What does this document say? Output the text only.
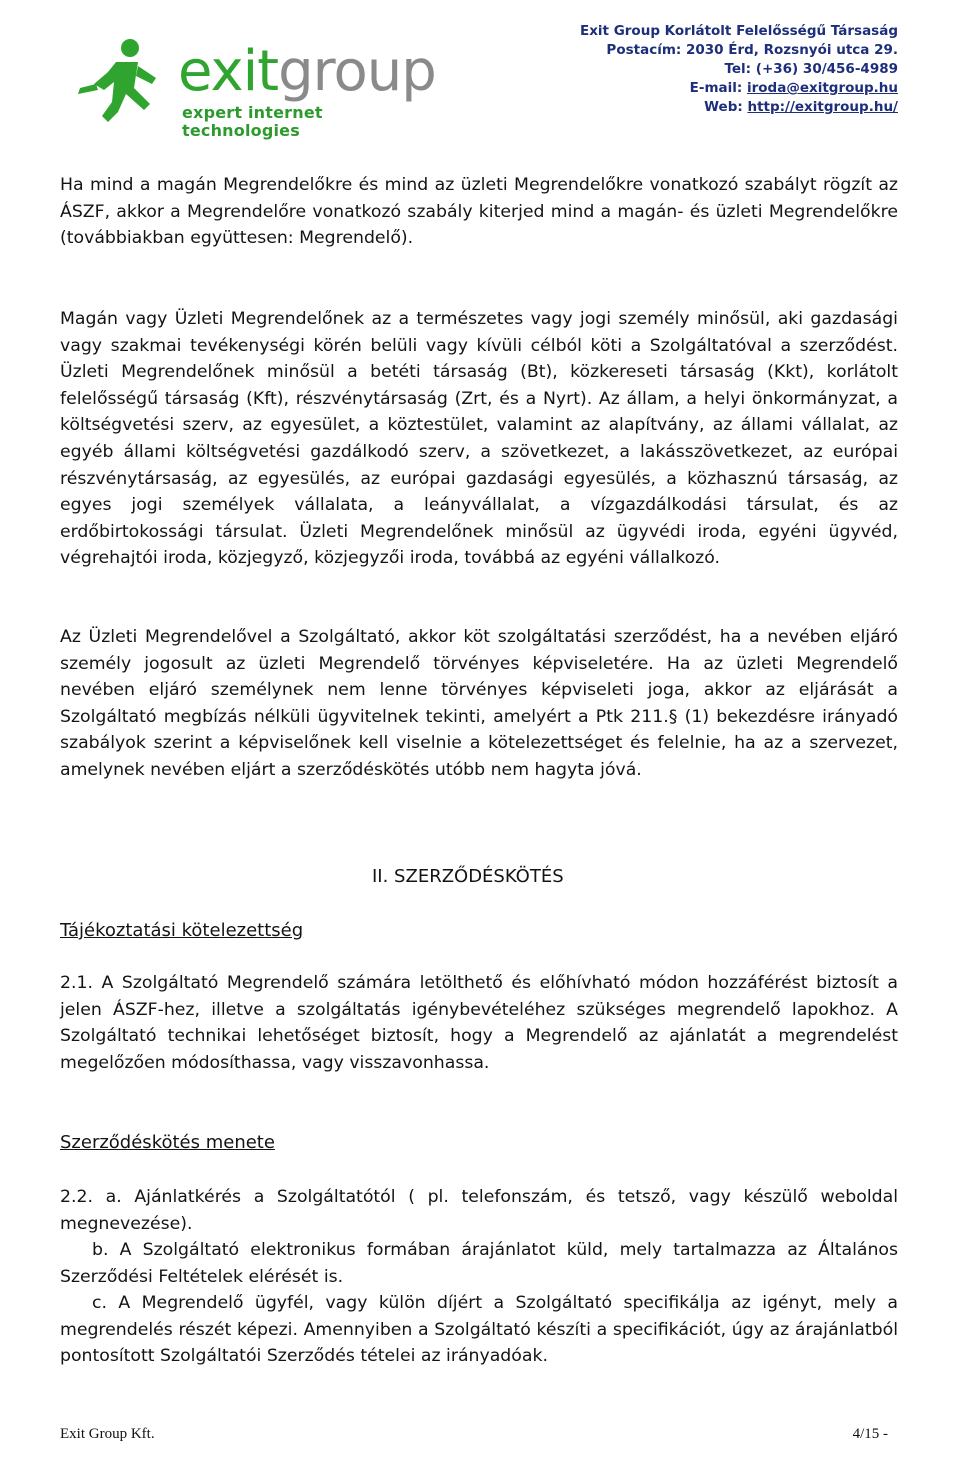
exitgroup
expert internet technologies
Exit Group Korlátolt Felelősségű Társaság
Postacím: 2030 Érd, Rozsnyói utca 29.
Tel: (+36) 30/456-4989
E-mail: iroda@exitgroup.hu
Web: http://exitgroup.hu/
Ha mind a magán Megrendelőkre és mind az üzleti Megrendelőkre vonatkozó szabályt rögzít az ÁSZF, akkor a Megrendelőre vonatkozó szabály kiterjed mind a magán- és üzleti Megrendelőkre (továbbiakban együttesen: Megrendelő).
Magán vagy Üzleti Megrendelőnek az a természetes vagy jogi személy minősül, aki gazdasági vagy szakmai tevékenységi körén belüli vagy kívüli célból köti a Szolgáltatóval a szerződést. Üzleti Megrendelőnek minősül a betéti társaság (Bt), közkereseti társaság (Kkt), korlátolt felelősségű társaság (Kft), részvénytársaság (Zrt, és a Nyrt). Az állam, a helyi önkormányzat, a költségvetési szerv, az egyesület, a köztestület, valamint az alapítvány, az állami vállalat, az egyéb állami költségvetési gazdálkodó szerv, a szövetkezet, a lakásszövetkezet, az európai részvénytársaság, az egyesülés, az európai gazdasági egyesülés, a közhasznú társaság, az egyes jogi személyek vállalata, a leányvállalat, a vízgazdálkodási társulat, és az erdőbirtokossági társulat. Üzleti Megrendelőnek minősül az ügyvédi iroda, egyéni ügyvéd, végrehajtói iroda, közjegyző, közjegyzői iroda, továbbá az egyéni vállalkozó.
Az Üzleti Megrendelővel a Szolgáltató, akkor köt szolgáltatási szerződést, ha a nevében eljáró személy jogosult az üzleti Megrendelő törvényes képviseletére. Ha az üzleti Megrendelő nevében eljáró személynek nem lenne törvényes képviseleti joga, akkor az eljárását a Szolgáltató megbízás nélküli ügyvitelnek tekinti, amelyért a Ptk 211.§ (1) bekezdésre irányadó szabályok szerint a képviselőnek kell viselnie a kötelezettséget és felelnie, ha az a szervezet, amelynek nevében eljárt a szerződéskötés utóbb nem hagyta jóvá.
II. SZERZŐDÉSKÖTÉS
Tájékoztatási kötelezettség
2.1. A Szolgáltató Megrendelő számára letölthető és előhívható módon hozzáférést biztosít a jelen ÁSZF-hez, illetve a szolgáltatás igénybevételéhez szükséges megrendelő lapokhoz. A Szolgáltató technikai lehetőséget biztosít, hogy a Megrendelő az ajánlatát a megrendelést megelőzően módosíthassa, vagy visszavonhassa.
Szerződéskötés menete
2.2. a. Ajánlatkérés a Szolgáltatótól ( pl. telefonszám, és tetsző, vagy készülő weboldal megnevezése).
b. A Szolgáltató elektronikus formában árajánlatot küld, mely tartalmazza az Általános Szerződési Feltételek elérését is.
c. A Megrendelő ügyfél, vagy külön díjért a Szolgáltató specifikálja az igényt, mely a megrendelés részét képezi. Amennyiben a Szolgáltató készíti a specifikációt, úgy az árajánlatból pontosított Szolgáltatói Szerződés tételei az irányadóak.
Exit Group Kft.	4/15 -
